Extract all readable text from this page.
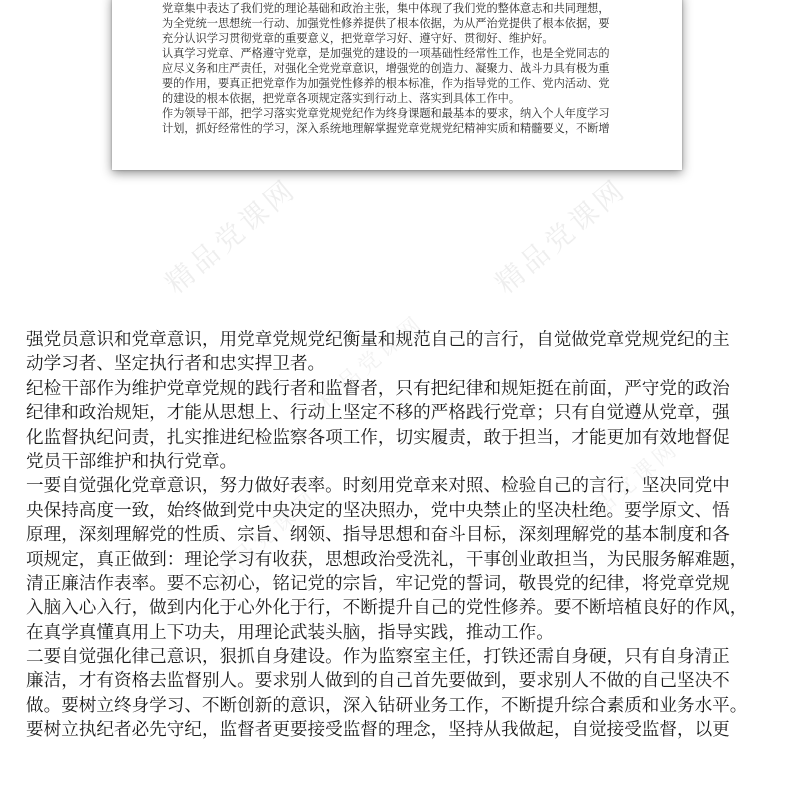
精品党课网	精品党课网
精品党课网
精品党课网	精品党课网
党章集中表达了我们党的理论基础和政治主张，集中体现了我们党的整体意志和共同理想，
为全党统一思想统一行动、加强党性修养提供了根本依据，为从严治党提供了根本依据，要
充分认识学习贯彻党章的重要意义，把党章学习好、遵守好、贯彻好、维护好。
认真学习党章、严格遵守党章，是加强党的建设的一项基础性经常性工作，也是全党同志的
应尽义务和庄严责任，对强化全党党章意识，增强党的创造力、凝聚力、战斗力具有极为重
要的作用，要真正把党章作为加强党性修养的根本标准，作为指导党的工作、党内活动、党
的建设的根本依据，把党章各项规定落实到行动上、落实到具体工作中。
作为领导干部，把学习落实党章党规党纪作为终身课题和最基本的要求，纳入个人年度学习
计划，抓好经常性的学习，深入系统地理解掌握党章党规党纪精神实质和精髓要义，不断增
强党员意识和党章意识，用党章党规党纪衡量和规范自己的言行，自觉做党章党规党纪的主
动学习者、坚定执行者和忠实捍卫者。
纪检干部作为维护党章党规的践行者和监督者，只有把纪律和规矩挺在前面，严守党的政治
纪律和政治规矩，才能从思想上、行动上坚定不移的严格践行党章；只有自觉遵从党章，强
化监督执纪问责，扎实推进纪检监察各项工作，切实履责，敢于担当，才能更加有效地督促
党员干部维护和执行党章。
一要自觉强化党章意识，努力做好表率。时刻用党章来对照、检验自己的言行，坚决同党中
央保持高度一致，始终做到党中央决定的坚决照办，党中央禁止的坚决杜绝。要学原文、悟
原理，深刻理解党的性质、宗旨、纲领、指导思想和奋斗目标，深刻理解党的基本制度和各
项规定，真正做到：理论学习有收获，思想政治受洗礼，干事创业敢担当，为民服务解难题，
清正廉洁作表率。要不忘初心，铭记党的宗旨，牢记党的誓词，敬畏党的纪律，将党章党规
入脑入心入行，做到内化于心外化于行，不断提升自己的党性修养。要不断培植良好的作风，
在真学真懂真用上下功夫，用理论武装头脑，指导实践，推动工作。
二要自觉强化律己意识，狠抓自身建设。作为监察室主任，打铁还需自身硬，只有自身清正
廉洁，才有资格去监督别人。要求别人做到的自己首先要做到，要求别人不做的自己坚决不
做。要树立终身学习、不断创新的意识，深入钻研业务工作，不断提升综合素质和业务水平。
要树立执纪者必先守纪，监督者更要接受监督的理念，坚持从我做起，自觉接受监督，以更
